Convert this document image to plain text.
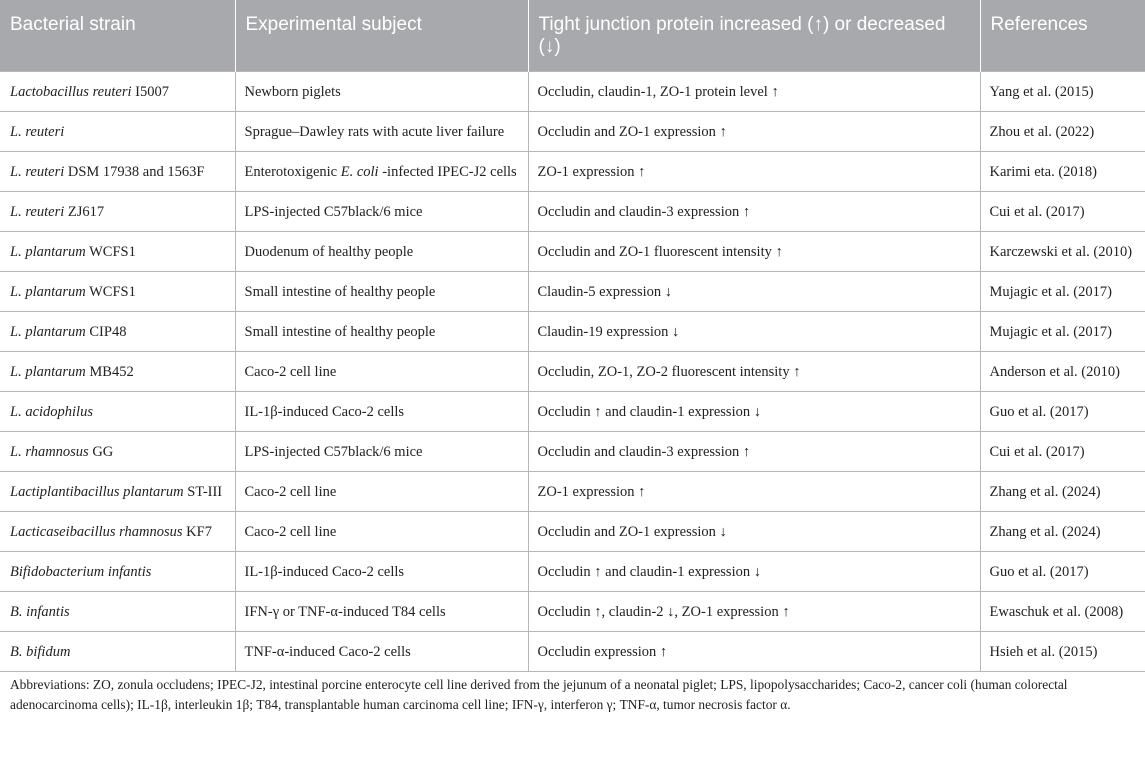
Bacterial strain	Experimental subject	Tight junction protein increased (↑) or decreased (↓)	References
Lactobacillus reuteri I5007	Newborn piglets	Occludin, claudin-1, ZO-1 protein level ↑	Yang et al. (2015)
L. reuteri	Sprague–Dawley rats with acute liver failure	Occludin and ZO-1 expression ↑	Zhou et al. (2022)
L. reuteri DSM 17938 and 1563F	Enterotoxigenic E. coli -infected IPEC-J2 cells	ZO-1 expression ↑	Karimi eta. (2018)
L. reuteri ZJ617	LPS-injected C57black/6 mice	Occludin and claudin-3 expression ↑	Cui et al. (2017)
L. plantarum WCFS1	Duodenum of healthy people	Occludin and ZO-1 fluorescent intensity ↑	Karczewski et al. (2010)
L. plantarum WCFS1	Small intestine of healthy people	Claudin-5 expression ↓	Mujagic et al. (2017)
L. plantarum CIP48	Small intestine of healthy people	Claudin-19 expression ↓	Mujagic et al. (2017)
L. plantarum MB452	Caco-2 cell line	Occludin, ZO-1, ZO-2 fluorescent intensity ↑	Anderson et al. (2010)
L. acidophilus	IL-1β-induced Caco-2 cells	Occludin ↑ and claudin-1 expression ↓	Guo et al. (2017)
L. rhamnosus GG	LPS-injected C57black/6 mice	Occludin and claudin-3 expression ↑	Cui et al. (2017)
Lactiplantibacillus plantarum ST-III	Caco-2 cell line	ZO-1 expression ↑	Zhang et al. (2024)
Lacticaseibacillus rhamnosus KF7	Caco-2 cell line	Occludin and ZO-1 expression ↓	Zhang et al. (2024)
Bifidobacterium infantis	IL-1β-induced Caco-2 cells	Occludin ↑ and claudin-1 expression ↓	Guo et al. (2017)
B. infantis	IFN-γ or TNF-α-induced T84 cells	Occludin ↑, claudin-2 ↓, ZO-1 expression ↑	Ewaschuk et al. (2008)
B. bifidum	TNF-α-induced Caco-2 cells	Occludin expression ↑	Hsieh et al. (2015)
Abbreviations: ZO, zonula occludens; IPEC-J2, intestinal porcine enterocyte cell line derived from the jejunum of a neonatal piglet; LPS, lipopolysaccharides; Caco-2, cancer coli (human colorectal adenocarcinoma cells); IL-1β, interleukin 1β; T84, transplantable human carcinoma cell line; IFN-γ, interferon γ; TNF-α, tumor necrosis factor α.
